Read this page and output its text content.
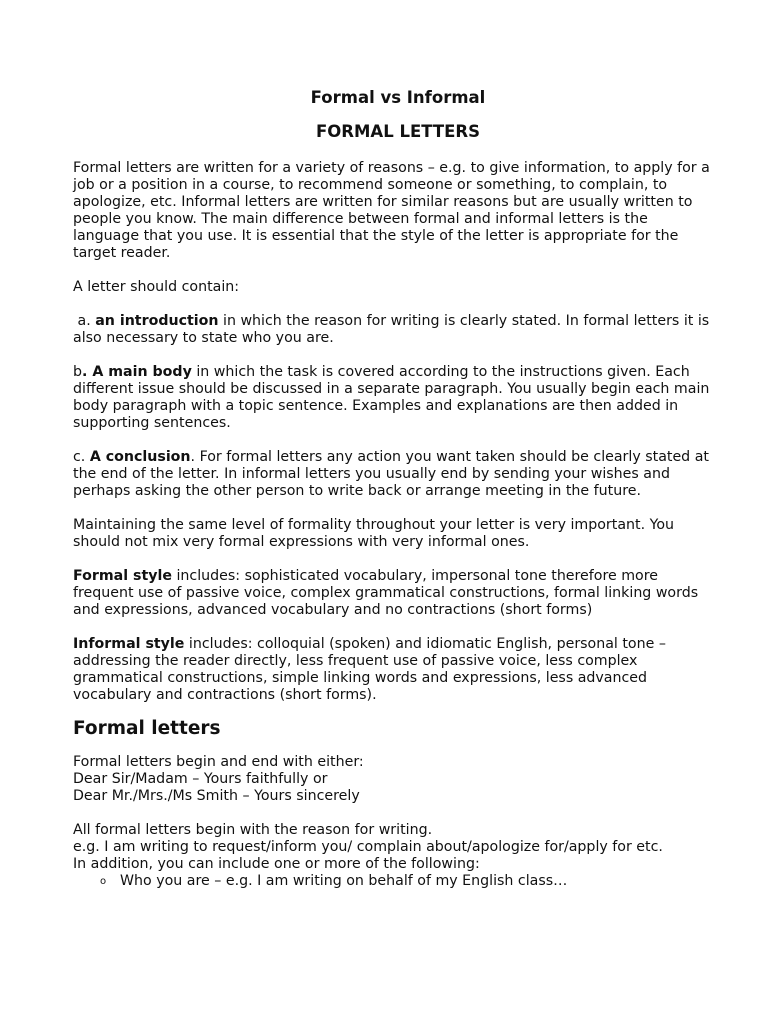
Formal vs Informal

FORMAL LETTERS

Formal letters are written for a variety of reasons – e.g. to give information, to apply for a job or a position in a course, to recommend someone or something, to complain, to apologize, etc. Informal letters are written for similar reasons but are usually written to people you know. The main difference between formal and informal letters is the language that you use. It is essential that the style of the letter is appropriate for the target reader.

A letter should contain:

a. an introduction in which the reason for writing is clearly stated. In formal letters it is also necessary to state who you are.

b. A main body in which the task is covered according to the instructions given. Each different issue should be discussed in a separate paragraph. You usually begin each main body paragraph with a topic sentence. Examples and explanations are then added in supporting sentences.

c. A conclusion. For formal letters any action you want taken should be clearly stated at the end of the letter. In informal letters you usually end by sending your wishes and perhaps asking the other person to write back or arrange meeting in the future.

Maintaining the same level of formality throughout your letter is very important. You should not mix very formal expressions with very informal ones.

Formal style includes: sophisticated vocabulary, impersonal tone therefore more frequent use of passive voice, complex grammatical constructions, formal linking words and expressions, advanced vocabulary and no contractions (short forms)

Informal style includes: colloquial (spoken) and idiomatic English, personal tone – addressing the reader directly, less frequent use of passive voice, less complex grammatical constructions, simple linking words and expressions, less advanced vocabulary and contractions (short forms).

Formal letters

Formal letters begin and end with either:

Dear Sir/Madam – Yours faithfully or

Dear Mr./Mrs./Ms Smith – Yours sincerely

All formal letters begin with the reason for writing.

e.g. I am writing to request/inform you/ complain about/apologize for/apply for etc.

In addition, you can include one or more of the following:

o Who you are – e.g. I am writing on behalf of my English class…
